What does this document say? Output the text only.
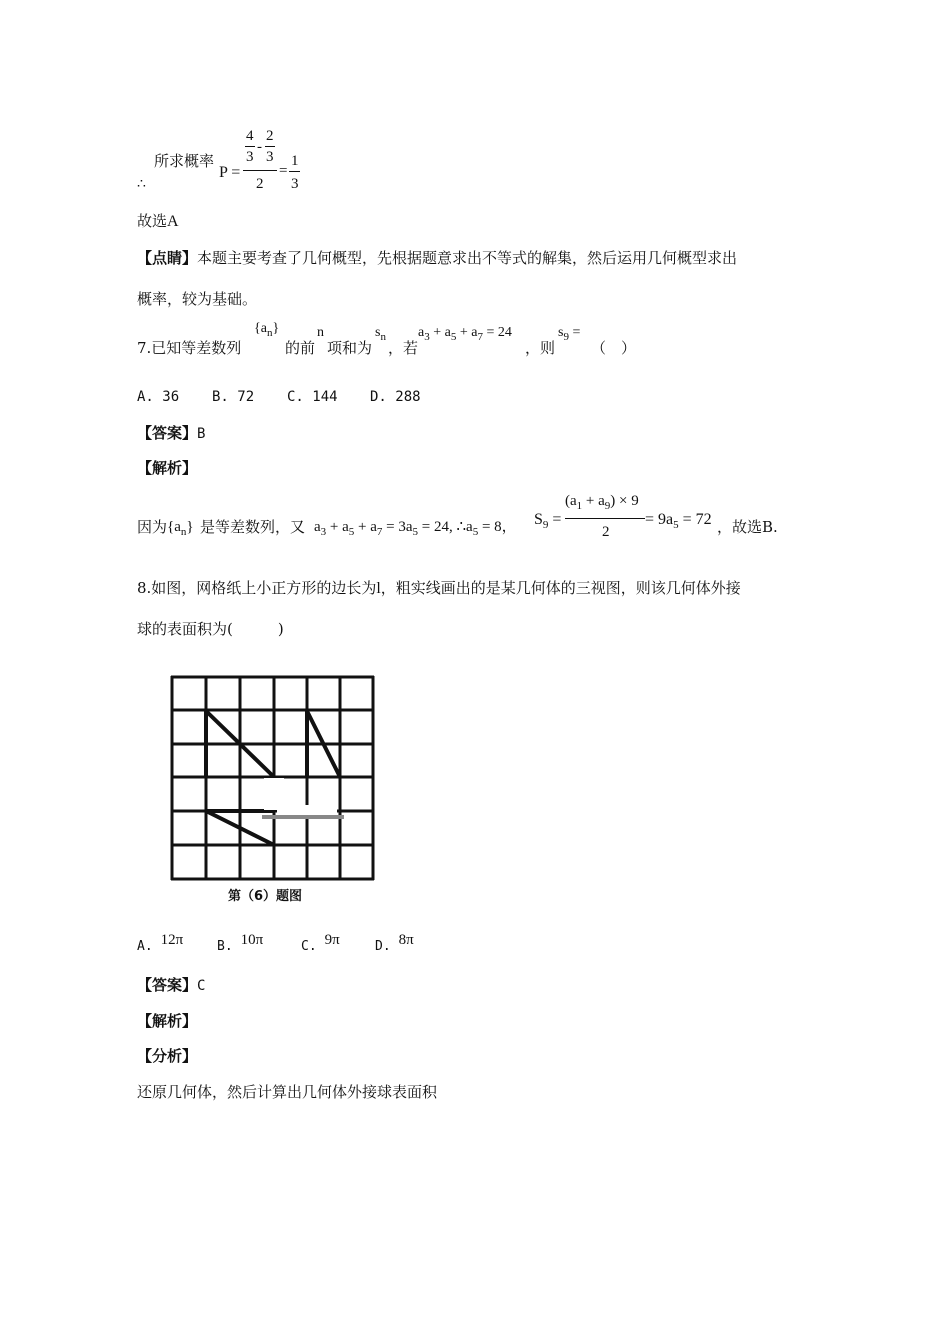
所求概率
∴
P =
4
3
-
2
3
2
=
1
3
故选A
【点睛】本题主要考查了几何概型，先根据题意求出不等式的解集，然后运用几何概型求出
概率，较为基础。
7.已知等差数列
$\{a_n\}$
的前
n
项和为
$s_n$
，若
$a_3 + a_5 + a_7 = 24$
，则
$s_9$ =
（　）
A. 36 B. 72 C. 144 D. 288
【答案】B
【解析】
因为 $\{a_n\}$ 是等差数列，又 $a_3 + a_5 + a_7 = 3a_5 = 24$, $\therefore a_5 = 8$， $S_9$ =
$(a_1 + a_9) \times 9$
2
= $9a_5 = 72$ ，故选B.
8.如图，网格纸上小正方形的边长为l，粗实线画出的是某几何体的三视图，则该几何体外接
球的表面积为(　　　)
第（6）题图
A. 12π	B. 10π	C. 9π	D. 8π
【答案】C
【解析】
【分析】
还原几何体，然后计算出几何体外接球表面积
